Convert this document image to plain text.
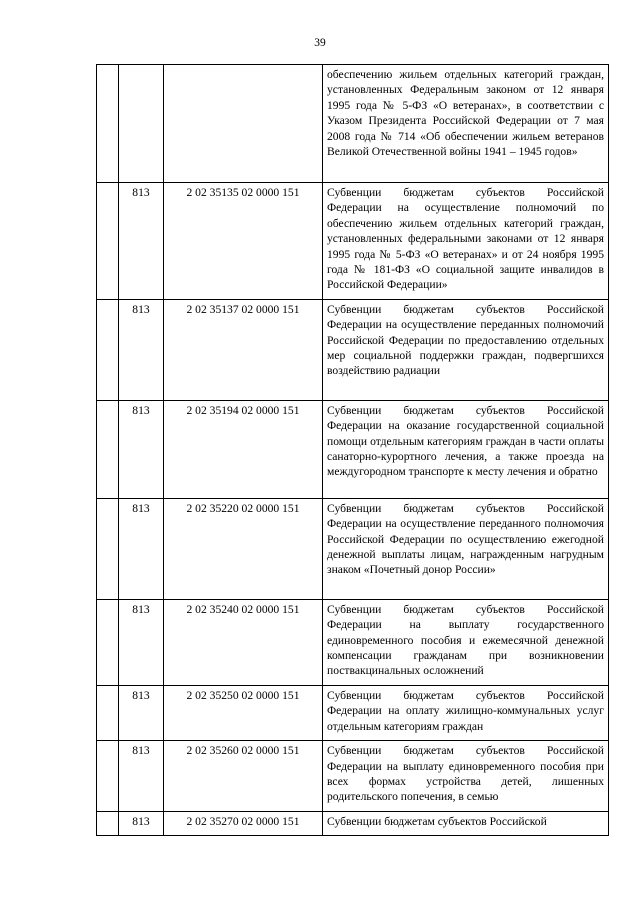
39
			обеспечению жильем отдельных категорий граждан, установленных Федеральным законом от 12 января 1995 года № 5-ФЗ «О ветеранах», в соответствии с Указом Президента Российской Федерации от 7 мая 2008 года № 714 «Об обеспечении жильем ветеранов Великой Отечественной войны 1941 – 1945 годов»
	813	2 02 35135 02 0000 151	Субвенции бюджетам субъектов Российской Федерации на осуществление полномочий по обеспечению жильем отдельных категорий граждан, установленных федеральными законами от 12 января 1995 года № 5-ФЗ «О ветеранах» и от 24 ноября 1995 года № 181-ФЗ «О социальной защите инвалидов в Российской Федерации»
	813	2 02 35137 02 0000 151	Субвенции бюджетам субъектов Российской Федерации на осуществление переданных полномочий Российской Федерации по предоставлению отдельных мер социальной поддержки граждан, подвергшихся воздействию радиации
	813	2 02 35194 02 0000 151	Субвенции бюджетам субъектов Российской Федерации на оказание государственной социальной помощи отдельным категориям граждан в части оплаты санаторно-курортного лечения, а также проезда на междугородном транспорте к месту лечения и обратно
	813	2 02 35220 02 0000 151	Субвенции бюджетам субъектов Российской Федерации на осуществление переданного полномочия Российской Федерации по осуществлению ежегодной денежной выплаты лицам, награжденным нагрудным знаком «Почетный донор России»
	813	2 02 35240 02 0000 151	Субвенции бюджетам субъектов Российской Федерации на выплату государственного единовременного пособия и ежемесячной денежной компенсации гражданам при возникновении поствакцинальных осложнений
	813	2 02 35250 02 0000 151	Субвенции бюджетам субъектов Российской Федерации на оплату жилищно-коммунальных услуг отдельным категориям граждан
	813	2 02 35260 02 0000 151	Субвенции бюджетам субъектов Российской Федерации на выплату единовременного пособия при всех формах устройства детей, лишенных родительского попечения, в семью
	813	2 02 35270 02 0000 151	Субвенции бюджетам субъектов Российской
